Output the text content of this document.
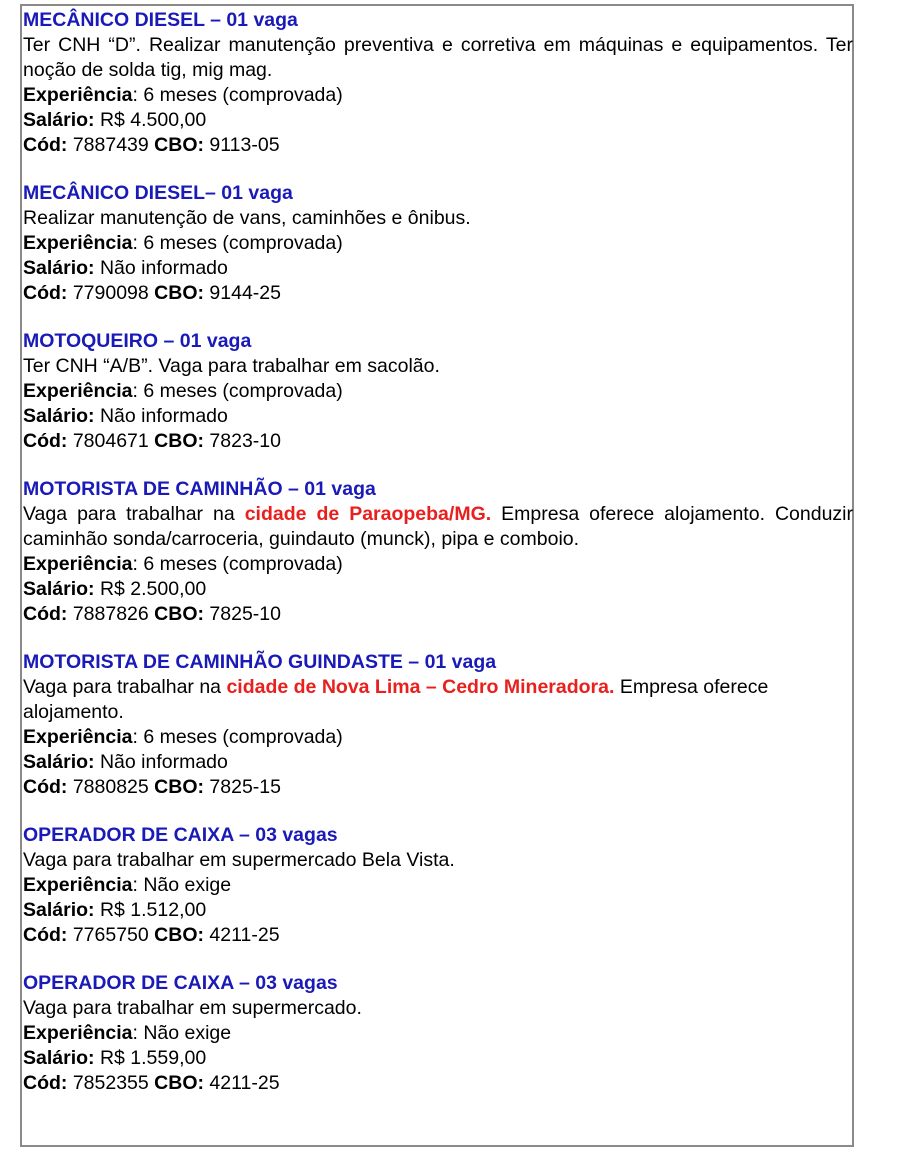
MECÂNICO DIESEL – 01 vaga
Ter CNH “D”. Realizar manutenção preventiva e corretiva em máquinas e equipamentos. Ter noção de solda tig, mig mag.
Experiência: 6 meses (comprovada)
Salário: R$ 4.500,00
Cód: 7887439 CBO: 9113-05
MECÂNICO DIESEL– 01 vaga
Realizar manutenção de vans, caminhões e ônibus.
Experiência: 6 meses (comprovada)
Salário: Não informado
Cód: 7790098 CBO: 9144-25
MOTOQUEIRO – 01 vaga
Ter CNH “A/B”. Vaga para trabalhar em sacolão.
Experiência: 6 meses (comprovada)
Salário: Não informado
Cód: 7804671 CBO: 7823-10
MOTORISTA DE CAMINHÃO – 01 vaga
Vaga para trabalhar na cidade de Paraopeba/MG. Empresa oferece alojamento. Conduzir caminhão sonda/carroceria, guindauto (munck), pipa e comboio.
Experiência: 6 meses (comprovada)
Salário: R$ 2.500,00
Cód: 7887826 CBO: 7825-10
MOTORISTA DE CAMINHÃO GUINDASTE – 01 vaga
Vaga para trabalhar na cidade de Nova Lima – Cedro Mineradora. Empresa oferece alojamento.
Experiência: 6 meses (comprovada)
Salário: Não informado
Cód: 7880825 CBO: 7825-15
OPERADOR DE CAIXA – 03 vagas
Vaga para trabalhar em supermercado Bela Vista.
Experiência: Não exige
Salário: R$ 1.512,00
Cód: 7765750 CBO: 4211-25
OPERADOR DE CAIXA – 03 vagas
Vaga para trabalhar em supermercado.
Experiência: Não exige
Salário: R$ 1.559,00
Cód: 7852355 CBO: 4211-25
